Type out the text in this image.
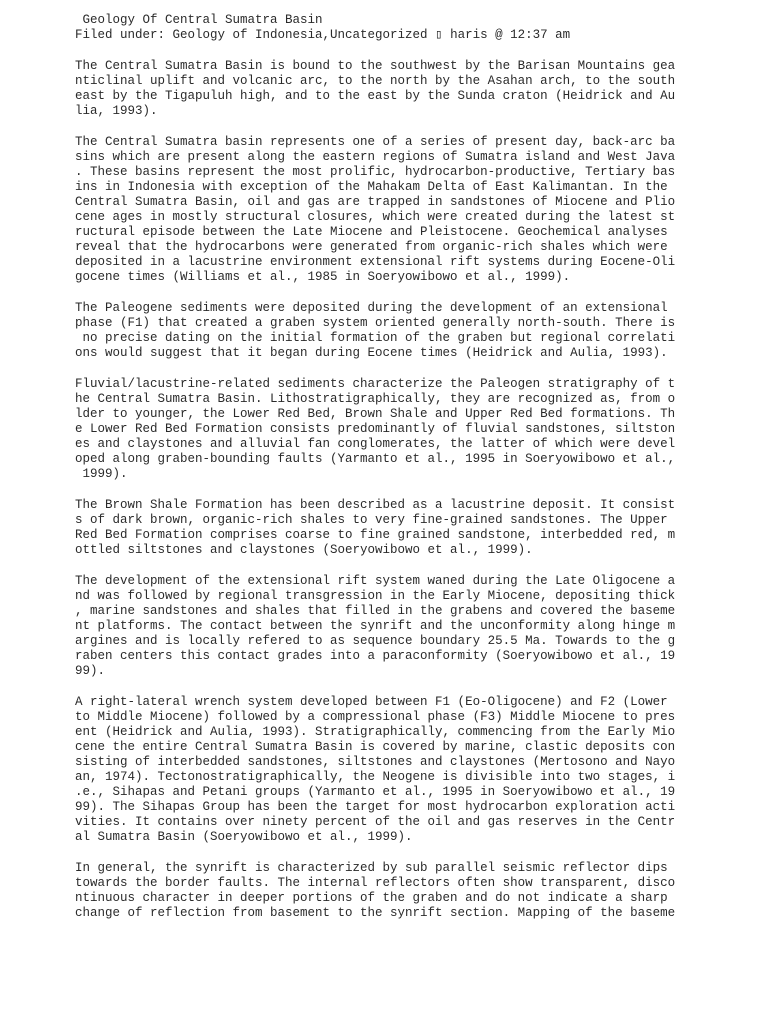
Geology Of Central Sumatra Basin
Filed under: Geology of Indonesia,Uncategorized ▯ haris @ 12:37 am
The Central Sumatra Basin is bound to the southwest by the Barisan Mountains gea
nticlinal uplift and volcanic arc, to the north by the Asahan arch, to the south
east by the Tigapuluh high, and to the east by the Sunda craton (Heidrick and Au
lia, 1993).
The Central Sumatra basin represents one of a series of present day, back-arc ba
sins which are present along the eastern regions of Sumatra island and West Java
. These basins represent the most prolific, hydrocarbon-productive, Tertiary bas
ins in Indonesia with exception of the Mahakam Delta of East Kalimantan. In the
Central Sumatra Basin, oil and gas are trapped in sandstones of Miocene and Plio
cene ages in mostly structural closures, which were created during the latest st
ructural episode between the Late Miocene and Pleistocene. Geochemical analyses
reveal that the hydrocarbons were generated from organic-rich shales which were
deposited in a lacustrine environment extensional rift systems during Eocene-Oli
gocene times (Williams et al., 1985 in Soeryowibowo et al., 1999).
The Paleogene sediments were deposited during the development of an extensional
phase (F1) that created a graben system oriented generally north-south. There is
no precise dating on the initial formation of the graben but regional correlati
ons would suggest that it began during Eocene times (Heidrick and Aulia, 1993).
Fluvial/lacustrine-related sediments characterize the Paleogen stratigraphy of t
he Central Sumatra Basin. Lithostratigraphically, they are recognized as, from o
lder to younger, the Lower Red Bed, Brown Shale and Upper Red Bed formations. Th
e Lower Red Bed Formation consists predominantly of fluvial sandstones, siltston
es and claystones and alluvial fan conglomerates, the latter of which were devel
oped along graben-bounding faults (Yarmanto et al., 1995 in Soeryowibowo et al.,
1999).
The Brown Shale Formation has been described as a lacustrine deposit. It consist
s of dark brown, organic-rich shales to very fine-grained sandstones. The Upper
Red Bed Formation comprises coarse to fine grained sandstone, interbedded red, m
ottled siltstones and claystones (Soeryowibowo et al., 1999).
The development of the extensional rift system waned during the Late Oligocene a
nd was followed by regional transgression in the Early Miocene, depositing thick
, marine sandstones and shales that filled in the grabens and covered the baseme
nt platforms. The contact between the synrift and the unconformity along hinge m
argines and is locally refered to as sequence boundary 25.5 Ma. Towards to the g
raben centers this contact grades into a paraconformity (Soeryowibowo et al., 19
99).
A right-lateral wrench system developed between F1 (Eo-Oligocene) and F2 (Lower
to Middle Miocene) followed by a compressional phase (F3) Middle Miocene to pres
ent (Heidrick and Aulia, 1993). Stratigraphically, commencing from the Early Mio
cene the entire Central Sumatra Basin is covered by marine, clastic deposits con
sisting of interbedded sandstones, siltstones and claystones (Mertosono and Nayo
an, 1974). Tectonostratigraphically, the Neogene is divisible into two stages, i
.e., Sihapas and Petani groups (Yarmanto et al., 1995 in Soeryowibowo et al., 19
99). The Sihapas Group has been the target for most hydrocarbon exploration acti
vities. It contains over ninety percent of the oil and gas reserves in the Centr
al Sumatra Basin (Soeryowibowo et al., 1999).
In general, the synrift is characterized by sub parallel seismic reflector dips
towards the border faults. The internal reflectors often show transparent, disco
ntinuous character in deeper portions of the graben and do not indicate a sharp
change of reflection from basement to the synrift section. Mapping of the baseme
